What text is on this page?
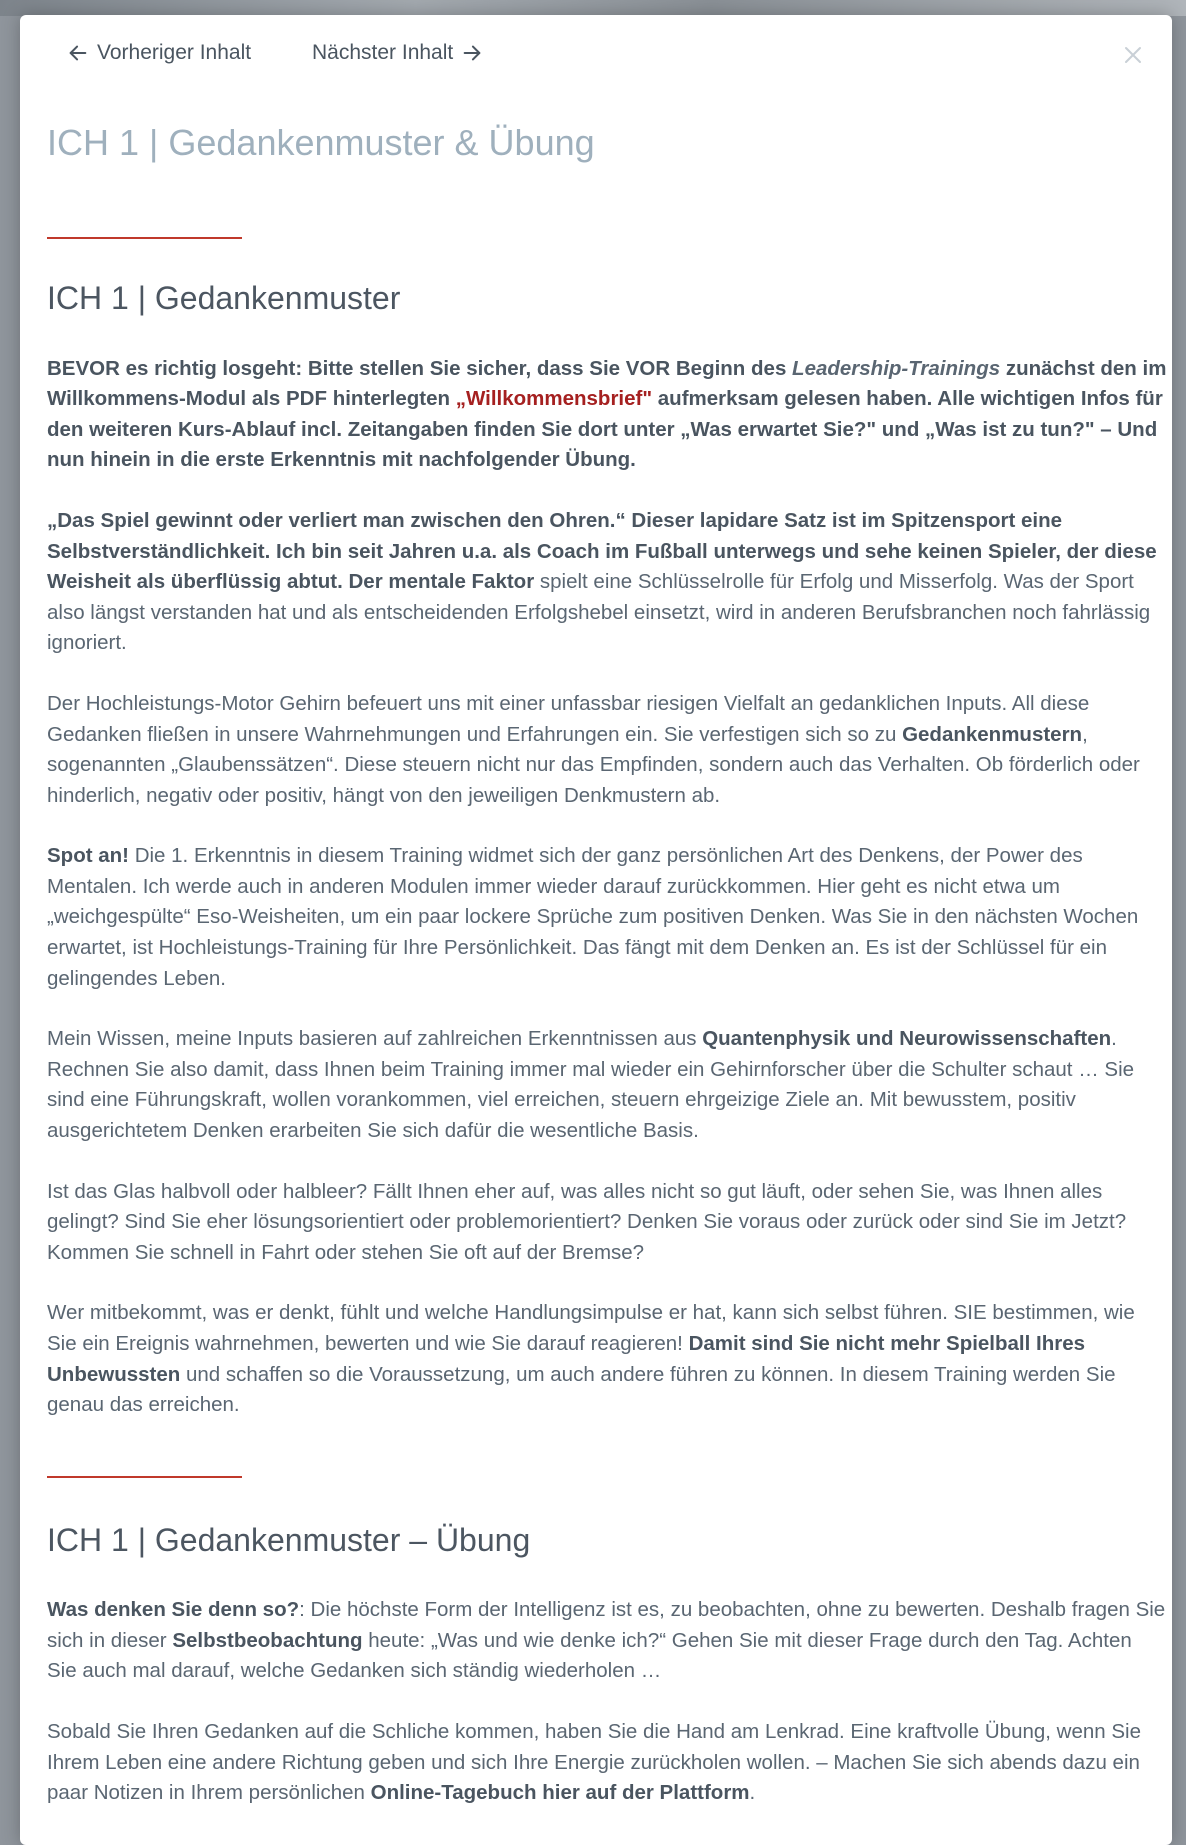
Vorheriger Inhalt	Nächster Inhalt
ICH 1 | Gedankenmuster & Übung
ICH 1 | Gedankenmuster

BEVOR es richtig losgeht: Bitte stellen Sie sicher, dass Sie VOR Beginn des Leadership-Trainings zunächst den im Willkommens-Modul als PDF hinterlegten „Willkommensbrief" aufmerksam gelesen haben. Alle wichtigen Infos für den weiteren Kurs-Ablauf incl. Zeitangaben finden Sie dort unter „Was erwartet Sie?" und „Was ist zu tun?" – Und nun hinein in die erste Erkenntnis mit nachfolgender Übung.

„Das Spiel gewinnt oder verliert man zwischen den Ohren.“ Dieser lapidare Satz ist im Spitzensport eine Selbstverständlichkeit. Ich bin seit Jahren u.a. als Coach im Fußball unterwegs und sehe keinen Spieler, der diese Weisheit als überflüssig abtut. Der mentale Faktor spielt eine Schlüsselrolle für Erfolg und Misserfolg. Was der Sport also längst verstanden hat und als entscheidenden Erfolgshebel einsetzt, wird in anderen Berufsbranchen noch fahrlässig ignoriert.

Der Hochleistungs-Motor Gehirn befeuert uns mit einer unfassbar riesigen Vielfalt an gedanklichen Inputs. All diese Gedanken fließen in unsere Wahrnehmungen und Erfahrungen ein. Sie verfestigen sich so zu Gedankenmustern, sogenannten „Glaubenssätzen“. Diese steuern nicht nur das Empfinden, sondern auch das Verhalten. Ob förderlich oder hinderlich, negativ oder positiv, hängt von den jeweiligen Denkmustern ab.

Spot an! Die 1. Erkenntnis in diesem Training widmet sich der ganz persönlichen Art des Denkens, der Power des Mentalen. Ich werde auch in anderen Modulen immer wieder darauf zurückkommen. Hier geht es nicht etwa um „weichgespülte“ Eso-Weisheiten, um ein paar lockere Sprüche zum positiven Denken. Was Sie in den nächsten Wochen erwartet, ist Hochleistungs-Training für Ihre Persönlichkeit. Das fängt mit dem Denken an. Es ist der Schlüssel für ein gelingendes Leben.

Mein Wissen, meine Inputs basieren auf zahlreichen Erkenntnissen aus Quantenphysik und Neurowissenschaften. Rechnen Sie also damit, dass Ihnen beim Training immer mal wieder ein Gehirnforscher über die Schulter schaut … Sie sind eine Führungskraft, wollen vorankommen, viel erreichen, steuern ehrgeizige Ziele an. Mit bewusstem, positiv ausgerichtetem Denken erarbeiten Sie sich dafür die wesentliche Basis.

Ist das Glas halbvoll oder halbleer? Fällt Ihnen eher auf, was alles nicht so gut läuft, oder sehen Sie, was Ihnen alles gelingt? Sind Sie eher lösungsorientiert oder problemorientiert? Denken Sie voraus oder zurück oder sind Sie im Jetzt? Kommen Sie schnell in Fahrt oder stehen Sie oft auf der Bremse?

Wer mitbekommt, was er denkt, fühlt und welche Handlungsimpulse er hat, kann sich selbst führen. SIE bestimmen, wie Sie ein Ereignis wahrnehmen, bewerten und wie Sie darauf reagieren! Damit sind Sie nicht mehr Spielball Ihres Unbewussten und schaffen so die Voraussetzung, um auch andere führen zu können. In diesem Training werden Sie genau das erreichen.

ICH 1 | Gedankenmuster – Übung

Was denken Sie denn so?: Die höchste Form der Intelligenz ist es, zu beobachten, ohne zu bewerten. Deshalb fragen Sie sich in dieser Selbstbeobachtung heute: „Was und wie denke ich?“ Gehen Sie mit dieser Frage durch den Tag. Achten Sie auch mal darauf, welche Gedanken sich ständig wiederholen …

Sobald Sie Ihren Gedanken auf die Schliche kommen, haben Sie die Hand am Lenkrad. Eine kraftvolle Übung, wenn Sie Ihrem Leben eine andere Richtung geben und sich Ihre Energie zurückholen wollen. – Machen Sie sich abends dazu ein paar Notizen in Ihrem persönlichen Online-Tagebuch hier auf der Plattform.
